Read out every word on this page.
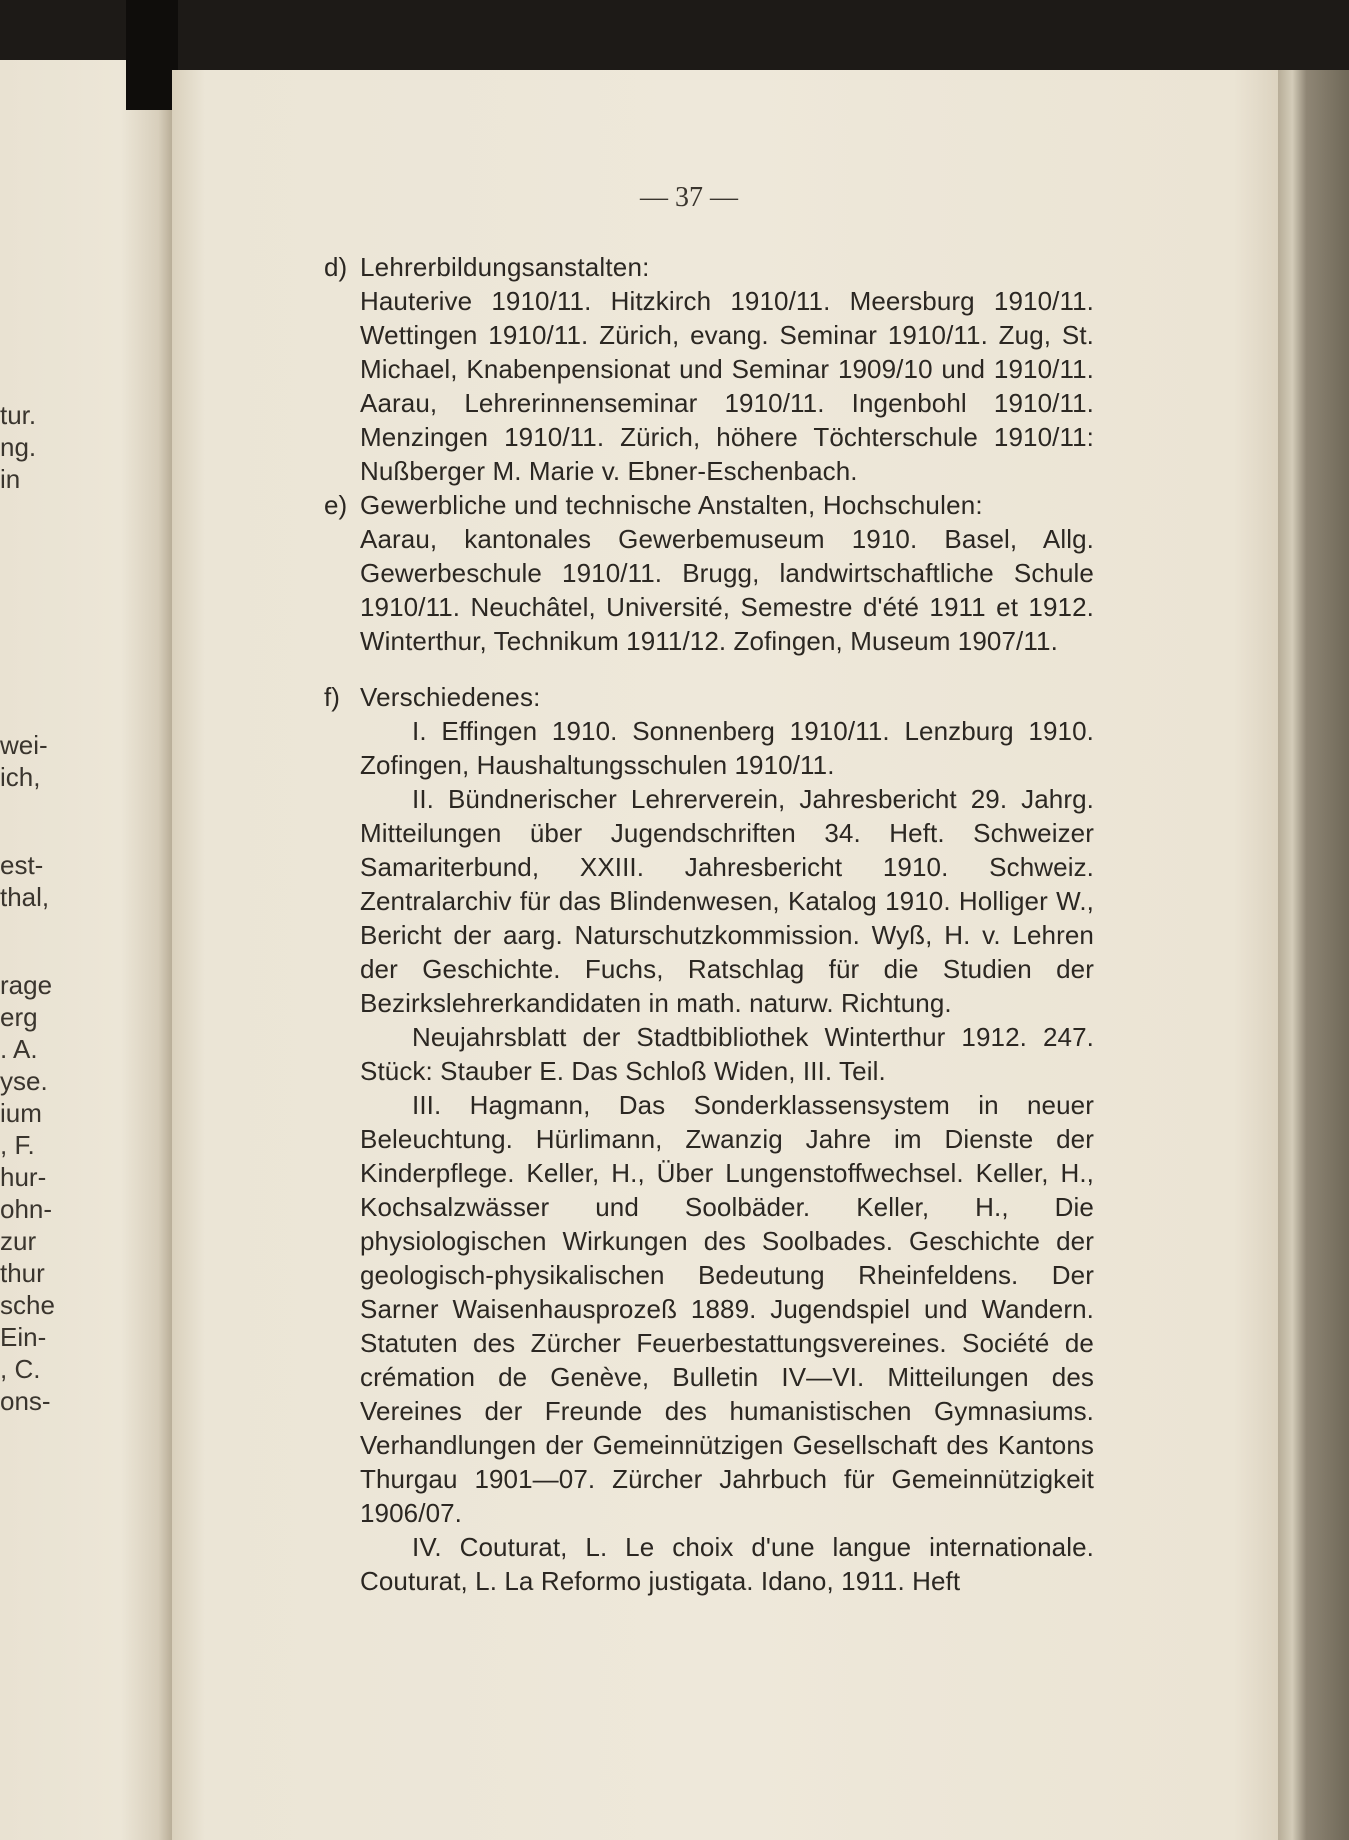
tur.
ng.
in
wei-
ich,
est-
thal,
rage
erg
. A.
yse.
ium
, F.
hur-
ohn-
zur
thur
sche
Ein-
, C.
ons-
— 37 —
d) Lehrerbildungsanstalten:
Hauterive 1910/11. Hitzkirch 1910/11. Meersburg 1910/11. Wettingen 1910/11. Zürich, evang. Seminar 1910/11. Zug, St. Michael, Knabenpensionat und Seminar 1909/10 und 1910/11. Aarau, Lehrerinnenseminar 1910/11. Ingenbohl 1910/11. Menzingen 1910/11. Zürich, höhere Töchterschule 1910/11: Nußberger M. Marie v. Ebner-Eschenbach.
e) Gewerbliche und technische Anstalten, Hochschulen:
Aarau, kantonales Gewerbemuseum 1910. Basel, Allg. Gewerbeschule 1910/11. Brugg, landwirtschaftliche Schule 1910/11. Neuchâtel, Université, Semestre d'été 1911 et 1912. Winterthur, Technikum 1911/12. Zofingen, Museum 1907/11.
f) Verschiedenes:
I. Effingen 1910. Sonnenberg 1910/11. Lenzburg 1910. Zofingen, Haushaltungsschulen 1910/11.
II. Bündnerischer Lehrerverein, Jahresbericht 29. Jahrg. Mitteilungen über Jugendschriften 34. Heft. Schweizer Samariterbund, XXIII. Jahresbericht 1910. Schweiz. Zentralarchiv für das Blindenwesen, Katalog 1910. Holliger W., Bericht der aarg. Naturschutzkommission. Wyß, H. v. Lehren der Geschichte. Fuchs, Ratschlag für die Studien der Bezirkslehrerkandidaten in math. naturw. Richtung.
Neujahrsblatt der Stadtbibliothek Winterthur 1912. 247. Stück: Stauber E. Das Schloß Widen, III. Teil.
III. Hagmann, Das Sonderklassensystem in neuer Beleuchtung. Hürlimann, Zwanzig Jahre im Dienste der Kinderpflege. Keller, H., Über Lungenstoffwechsel. Keller, H., Kochsalzwässer und Soolbäder. Keller, H., Die physiologischen Wirkungen des Soolbades. Geschichte der geologisch-physikalischen Bedeutung Rheinfeldens. Der Sarner Waisenhausprozeß 1889. Jugendspiel und Wandern. Statuten des Zürcher Feuerbestattungsvereines. Société de crémation de Genève, Bulletin IV—VI. Mitteilungen des Vereines der Freunde des humanistischen Gymnasiums. Verhandlungen der Gemeinnützigen Gesellschaft des Kantons Thurgau 1901—07. Zürcher Jahrbuch für Gemeinnützigkeit 1906/07.
IV. Couturat, L. Le choix d'une langue internationale. Couturat, L. La Reformo justigata. Idano, 1911. Heft
